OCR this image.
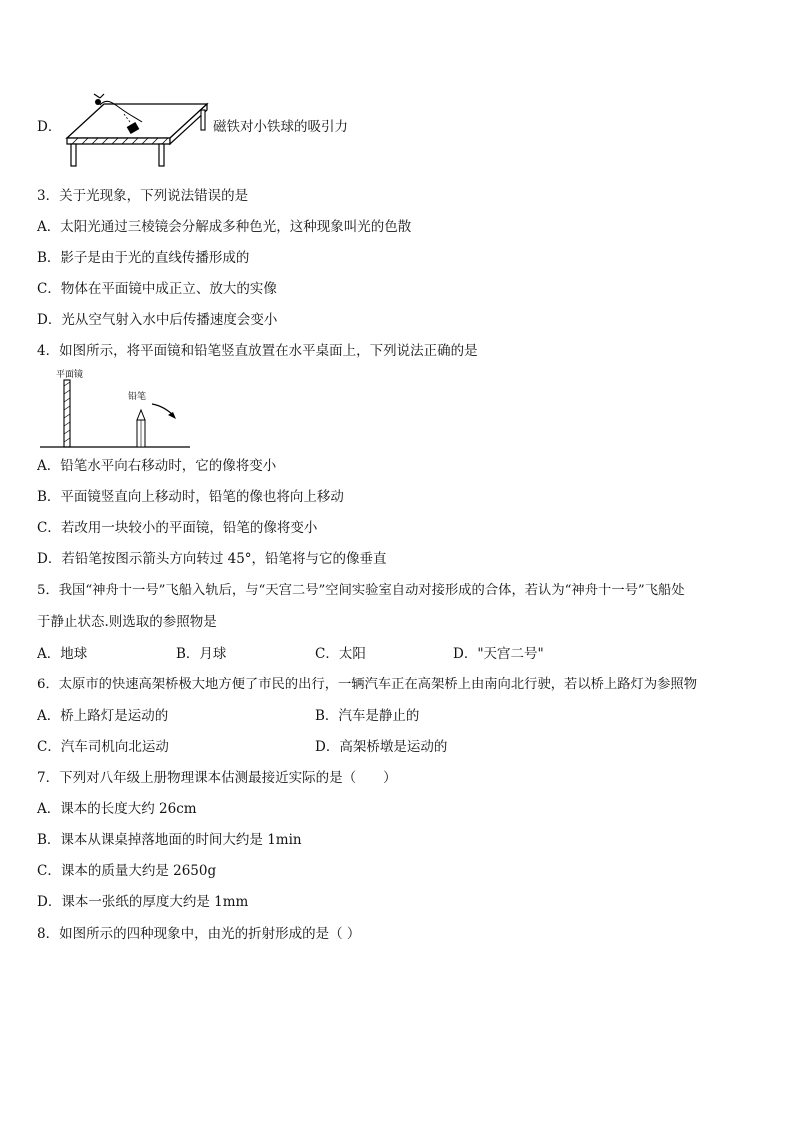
D．	磁铁对小铁球的吸引力
3．关于光现象，下列说法错误的是
A．太阳光通过三棱镜会分解成多种色光，这种现象叫光的色散
B．影子是由于光的直线传播形成的
C．物体在平面镜中成正立、放大的实像
D．光从空气射入水中后传播速度会变小
4．如图所示，将平面镜和铅笔竖直放置在水平桌面上，下列说法正确的是
平面镜
铅笔
A．铅笔水平向右移动时，它的像将变小
B．平面镜竖直向上移动时，铅笔的像也将向上移动
C．若改用一块较小的平面镜，铅笔的像将变小
D．若铅笔按图示箭头方向转过 45°，铅笔将与它的像垂直
5．我国“神舟十一号”飞船入轨后，与“天宫二号”空间实验室自动对接形成的合体，若认为“神舟十一号”飞船处
于静止状态.则选取的参照物是
A．地球	B．月球	C．太阳	D．"天宫二号"
6．太原市的快速高架桥极大地方便了市民的出行，一辆汽车正在高架桥上由南向北行驶，若以桥上路灯为参照物
A．桥上路灯是运动的	B．汽车是静止的
C．汽车司机向北运动	D．高架桥墩是运动的
7．下列对八年级上册物理课本估测最接近实际的是（　　）
A．课本的长度大约 26cm
B．课本从课桌掉落地面的时间大约是 1min
C．课本的质量大约是 2650g
D．课本一张纸的厚度大约是 1mm
8．如图所示的四种现象中，由光的折射形成的是（ ）
